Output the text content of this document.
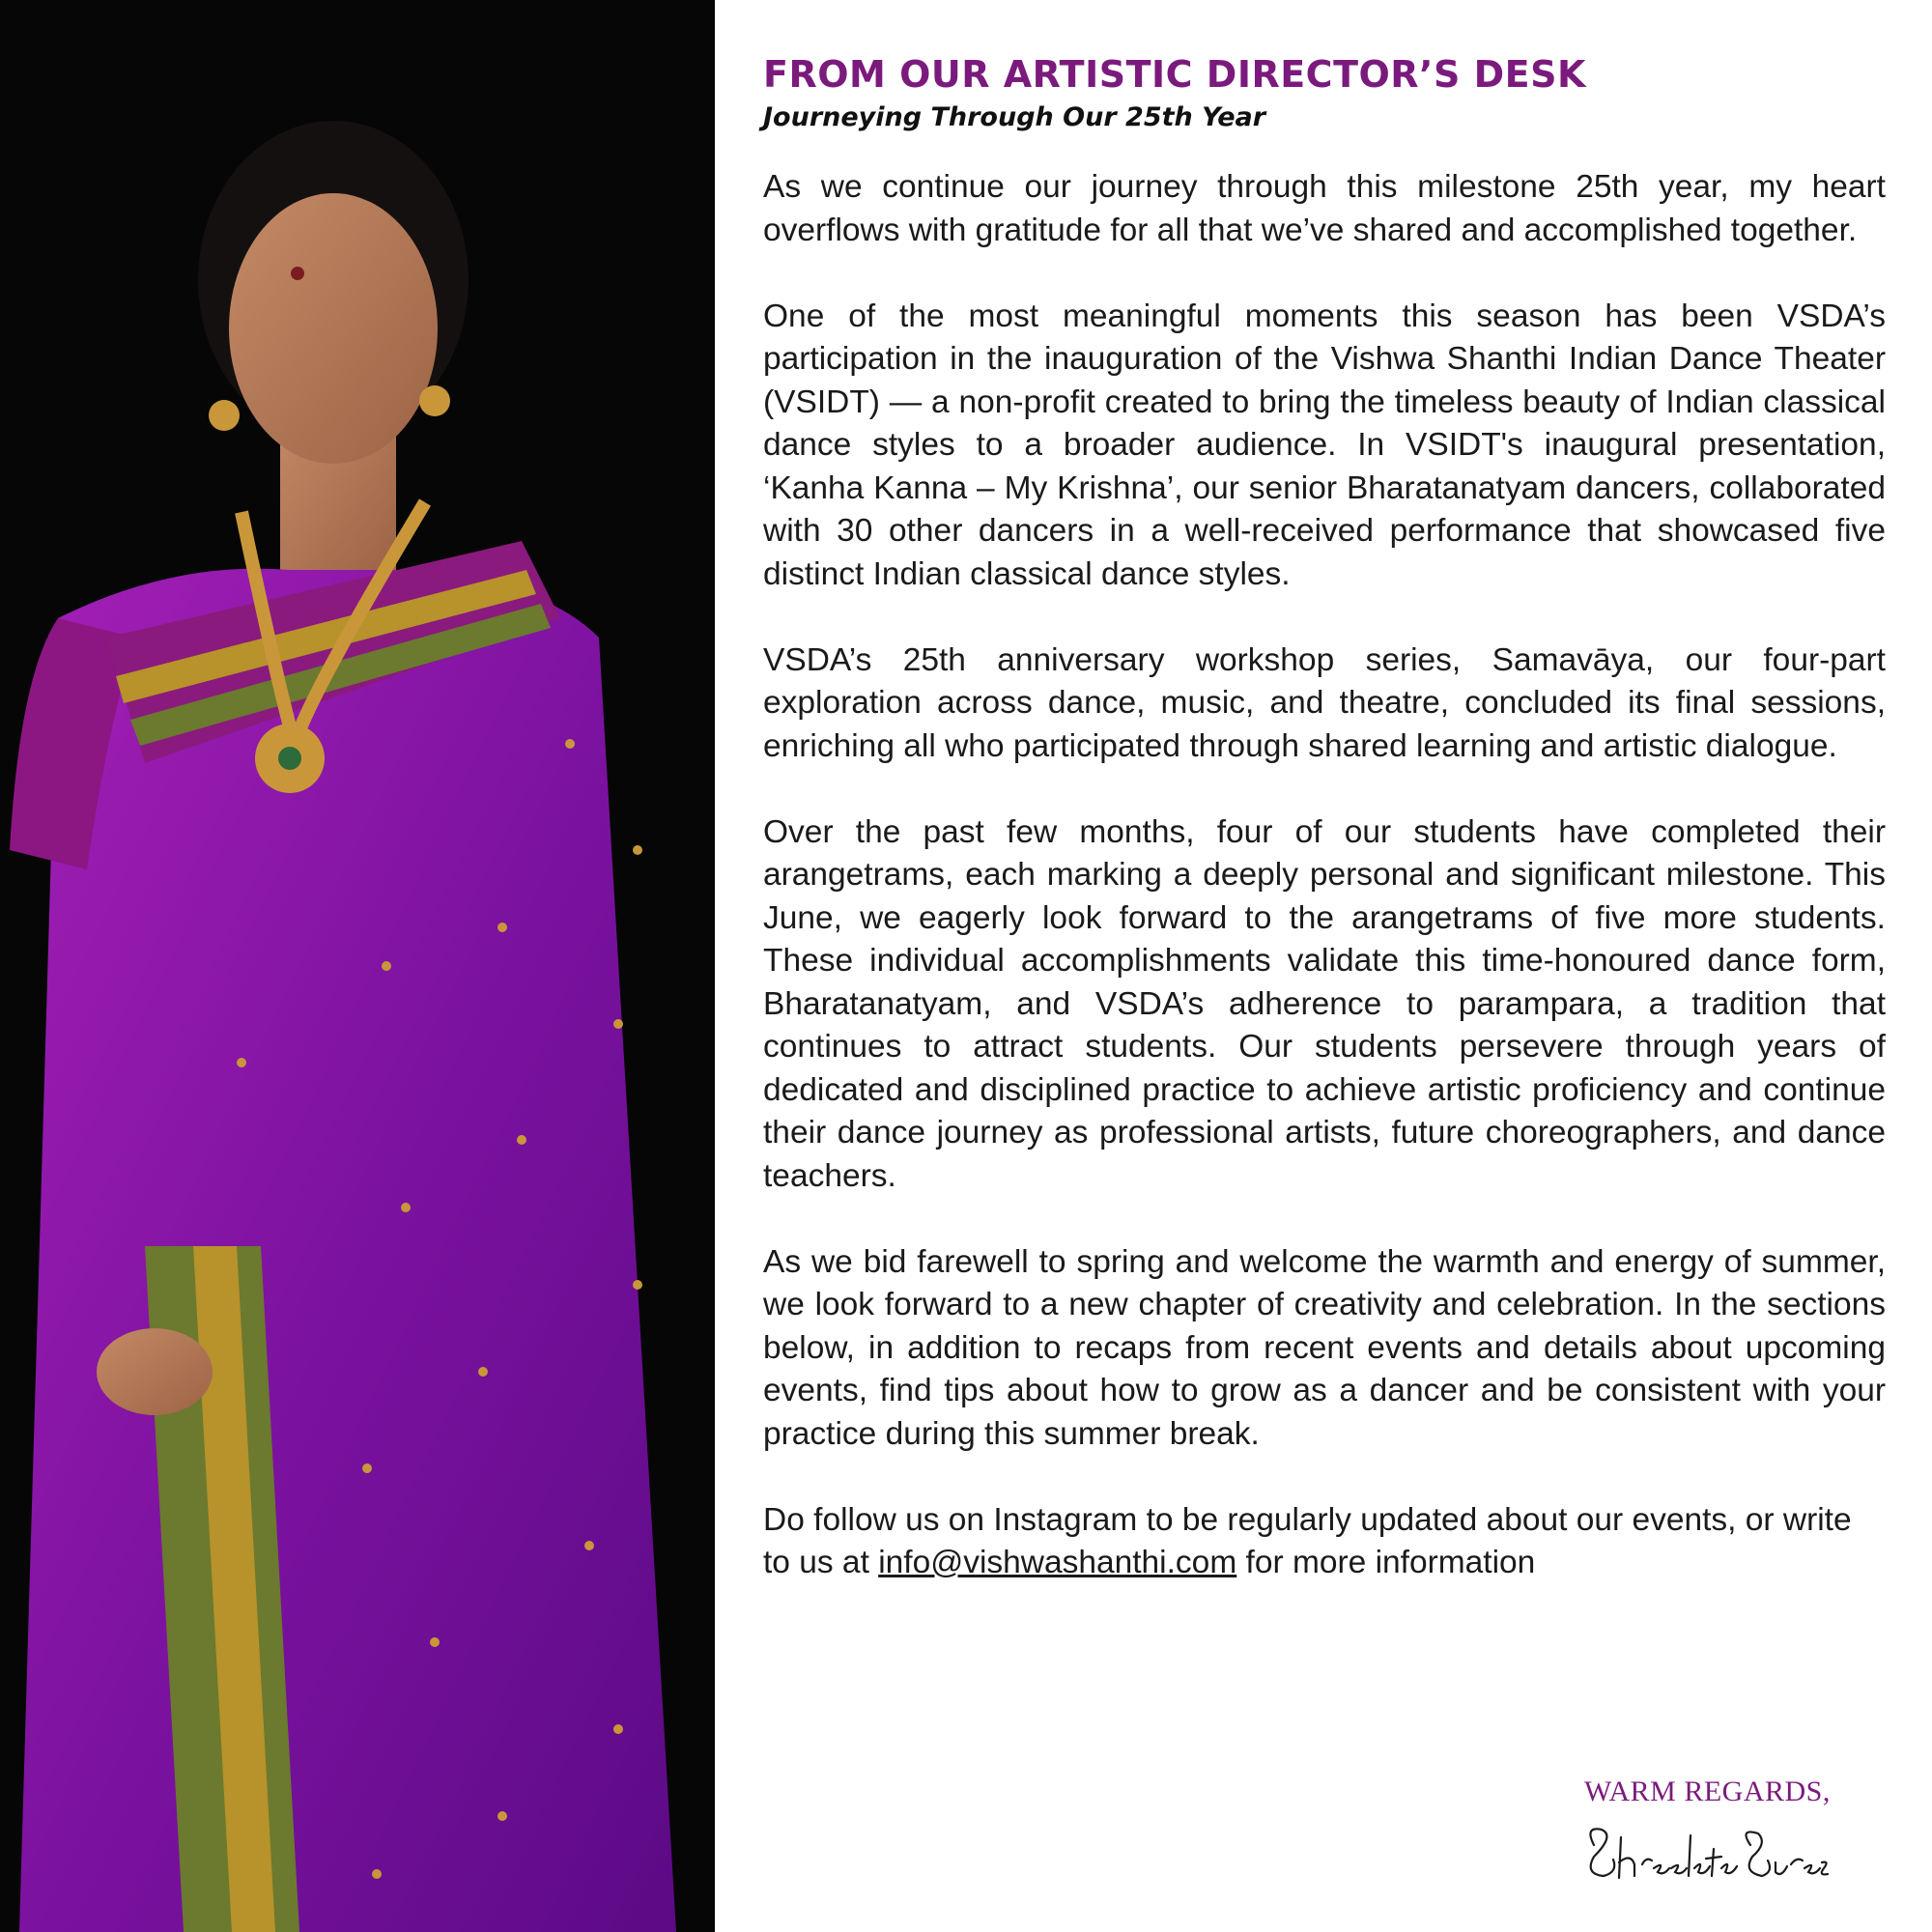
FROM OUR ARTISTIC DIRECTOR’S DESK

Journeying Through Our 25th Year

As we continue our journey through this milestone 25th year, my heart overflows with gratitude for all that we’ve shared and accomplished together.

One of the most meaningful moments this season has been VSDA’s participation in the inauguration of the Vishwa Shanthi Indian Dance Theater (VSIDT) — a non-profit created to bring the timeless beauty of Indian classical dance styles to a broader audience. In VSIDT's inaugural presentation, ‘Kanha Kanna – My Krishna’, our senior Bharatanatyam dancers, collaborated with 30 other dancers in a well-received performance that showcased five distinct Indian classical dance styles.

VSDA’s 25th anniversary workshop series, Samavāya, our four-part exploration across dance, music, and theatre, concluded its final sessions, enriching all who participated through shared learning and artistic dialogue.

Over the past few months, four of our students have completed their arangetrams, each marking a deeply personal and significant milestone. This June, we eagerly look forward to the arangetrams of five more students. These individual accomplishments validate this time-honoured dance form, Bharatanatyam, and VSDA’s adherence to parampara, a tradition that continues to attract students. Our students persevere through years of dedicated and disciplined practice to achieve artistic proficiency and continue their dance journey as professional artists, future choreographers, and dance teachers.

As we bid farewell to spring and welcome the warmth and energy of summer, we look forward to a new chapter of creativity and celebration. In the sections below, in addition to recaps from recent events and details about upcoming events, find tips about how to grow as a dancer and be consistent with your practice during this summer break.

Do follow us on Instagram to be regularly updated about our events, or write to us at info@vishwashanthi.com for more information

WARM REGARDS,
